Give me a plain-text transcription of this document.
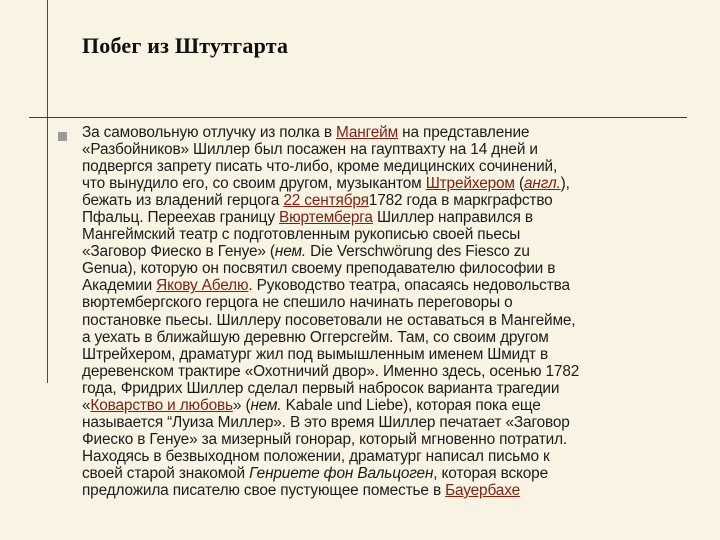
Побег из Штутгарта
За самовольную отлучку из полка в Мангейм на представление
«Разбойников» Шиллер был посажен на гауптвахту на 14 дней и
подвергся запрету писать что-либо, кроме медицинских сочинений,
что вынудило его, со своим другом, музыкантом Штрейхером (англ.),
бежать из владений герцога 22 сентября1782 года в маркграфство
Пфальц. Переехав границу Вюртемберга Шиллер направился в
Мангеймский театр с подготовленным рукописью своей пьесы
«Заговор Фиеско в Генуе» (нем. Die Verschwörung des Fiesco zu
Genua), которую он посвятил своему преподавателю философии в
Академии Якову Абелю. Руководство театра, опасаясь недовольства
вюртембергского герцога не спешило начинать переговоры о
постановке пьесы. Шиллеру посоветовали не оставаться в Мангейме,
а уехать в ближайшую деревню Оггерсгейм. Там, со своим другом
Штрейхером, драматург жил под вымышленным именем Шмидт в
деревенском трактире «Охотничий двор». Именно здесь, осенью 1782
года, Фридрих Шиллер сделал первый набросок варианта трагедии
«Коварство и любовь» (нем. Kabale und Liebe), которая пока еще
называется “Луиза Миллер». В это время Шиллер печатает «Заговор
Фиеско в Генуе» за мизерный гонорар, который мгновенно потратил.
Находясь в безвыходном положении, драматург написал письмо к
своей старой знакомой Генриете фон Вальцоген, которая вскоре
предложила писателю свое пустующее поместье в Бауербахе
